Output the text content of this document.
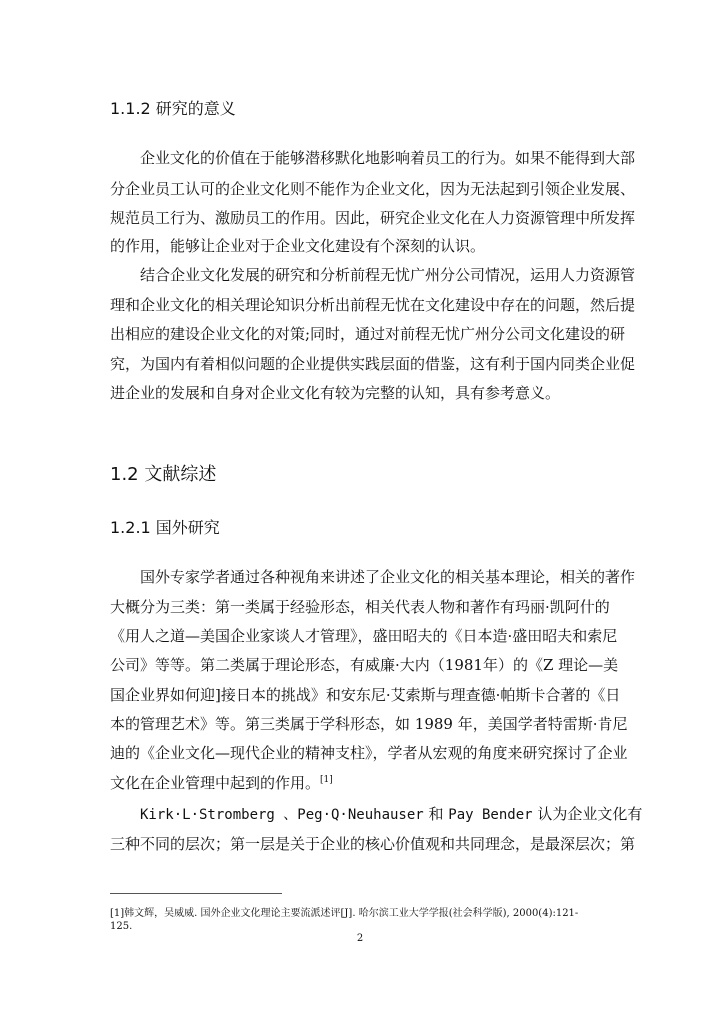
1.1.2 研究的意义

企业文化的价值在于能够潜移默化地影响着员工的行为。如果不能得到大部

分企业员工认可的企业文化则不能作为企业文化，因为无法起到引领企业发展、

规范员工行为、激励员工的作用。因此，研究企业文化在人力资源管理中所发挥

的作用，能够让企业对于企业文化建设有个深刻的认识。

结合企业文化发展的研究和分析前程无忧广州分公司情况，运用人力资源管

理和企业文化的相关理论知识分析出前程无忧在文化建设中存在的问题，然后提

出相应的建设企业文化的对策;同时，通过对前程无忧广州分公司文化建设的研

究，为国内有着相似问题的企业提供实践层面的借鉴，这有利于国内同类企业促

进企业的发展和自身对企业文化有较为完整的认知，具有参考意义。

1.2 文献综述
1.2.1 国外研究

国外专家学者通过各种视角来讲述了企业文化的相关基本理论，相关的著作

大概分为三类：第一类属于经验形态，相关代表人物和著作有玛丽·凯阿什的

《用人之道—美国企业家谈人才管理》，盛田昭夫的《日本造·盛田昭夫和索尼

公司》等等。第二类属于理论形态，有威廉·大内（1981年）的《Z 理论—美

国企业界如何迎]接日本的挑战》和安东尼·艾索斯与理查德·帕斯卡合著的《日

本的管理艺术》等。第三类属于学科形态，如 1989 年，美国学者特雷斯·肯尼

迪的《企业文化—现代企业的精神支柱》，学者从宏观的角度来研究探讨了企业

文化在企业管理中起到的作用。[1]

Kirk·L·Stromberg 、Peg·Q·Neuhauser 和 Pay Bender 认为企业文化有

三种不同的层次；第一层是关于企业的核心价值观和共同理念，是最深层次；第

[1]韩文辉，吴威威. 国外企业文化理论主要流派述评[J]. 哈尔滨工业大学学报(社会科学版), 2000(4):121-

125.

2
